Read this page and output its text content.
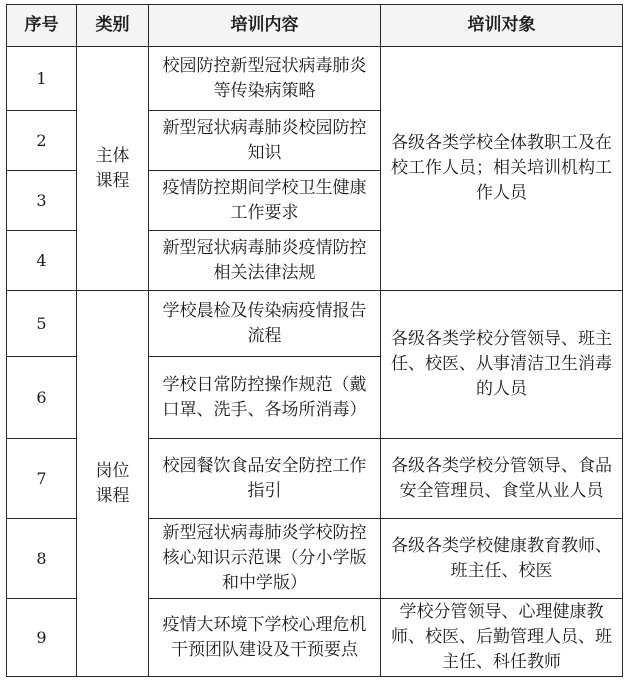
序号	类别	培训内容	培训对象
1	主体课程	校园防控新型冠状病毒肺炎等传染病策略	各级各类学校全体教职工及在校工作人员；相关培训机构工作人员
2		新型冠状病毒肺炎校园防控知识	
3		疫情防控期间学校卫生健康工作要求	
4		新型冠状病毒肺炎疫情防控相关法律法规	
5	岗位课程	学校晨检及传染病疫情报告流程	各级各类学校分管领导、班主任、校医、从事清洁卫生消毒的人员
6		学校日常防控操作规范（戴口罩、洗手、各场所消毒）	
7		校园餐饮食品安全防控工作指引	各级各类学校分管领导、食品安全管理员、食堂从业人员
8		新型冠状病毒肺炎学校防控核心知识示范课（分小学版和中学版）	各级各类学校健康教育教师、班主任、校医
9		疫情大环境下学校心理危机干预团队建设及干预要点	学校分管领导、心理健康教师、校医、后勤管理人员、班主任、科任教师
